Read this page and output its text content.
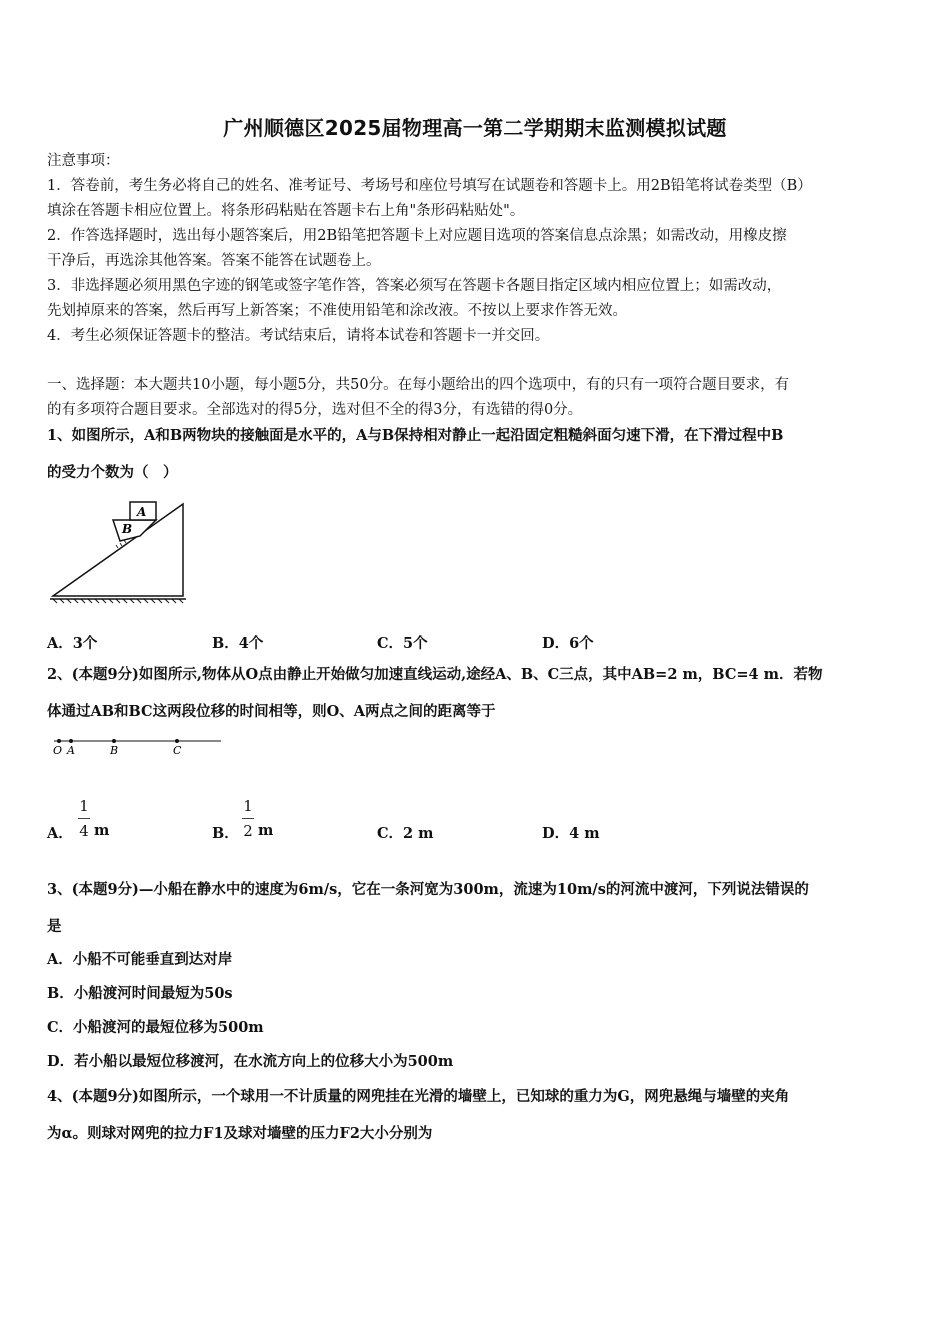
广州顺德区2025届物理高一第二学期期末监测模拟试题
注意事项：
1．答卷前，考生务必将自己的姓名、准考证号、考场号和座位号填写在试题卷和答题卡上。用2B铅笔将试卷类型（B）
填涂在答题卡相应位置上。将条形码粘贴在答题卡右上角"条形码粘贴处"。
2．作答选择题时，选出每小题答案后，用2B铅笔把答题卡上对应题目选项的答案信息点涂黑；如需改动，用橡皮擦
干净后，再选涂其他答案。答案不能答在试题卷上。
3．非选择题必须用黑色字迹的钢笔或签字笔作答，答案必须写在答题卡各题目指定区域内相应位置上；如需改动，
先划掉原来的答案，然后再写上新答案；不准使用铅笔和涂改液。不按以上要求作答无效。
4．考生必须保证答题卡的整洁。考试结束后，请将本试卷和答题卡一并交回。
一、选择题：本大题共10小题，每小题5分，共50分。在每小题给出的四个选项中，有的只有一项符合题目要求，有
的有多项符合题目要求。全部选对的得5分，选对但不全的得3分，有选错的得0分。
1、如图所示，A和B两物块的接触面是水平的，A与B保持相对静止一起沿固定粗糙斜面匀速下滑，在下滑过程中B
的受力个数为（　）
A
B
A．3个	B．4个	C．5个	D．6个
2、(本题9分)如图所示,物体从O点由静止开始做匀加速直线运动,途经A、B、C三点，其中AB=2 m，BC=4 m．若物
体通过AB和BC这两段位移的时间相等，则O、A两点之间的距离等于
O A	B	C
A．
1
4 m	B．
1
2 m	C．2 m	D．4 m
3、(本题9分)—小船在静水中的速度为6m/s，它在一条河宽为300m，流速为10m/s的河流中渡河，下列说法错误的
是
A．小船不可能垂直到达对岸
B．小船渡河时间最短为50s
C．小船渡河的最短位移为500m
D．若小船以最短位移渡河，在水流方向上的位移大小为500m
4、(本题9分)如图所示，一个球用一不计质量的网兜挂在光滑的墙壁上，已知球的重力为G，网兜悬绳与墙壁的夹角
为α。则球对网兜的拉力F1及球对墙壁的压力F2大小分别为
